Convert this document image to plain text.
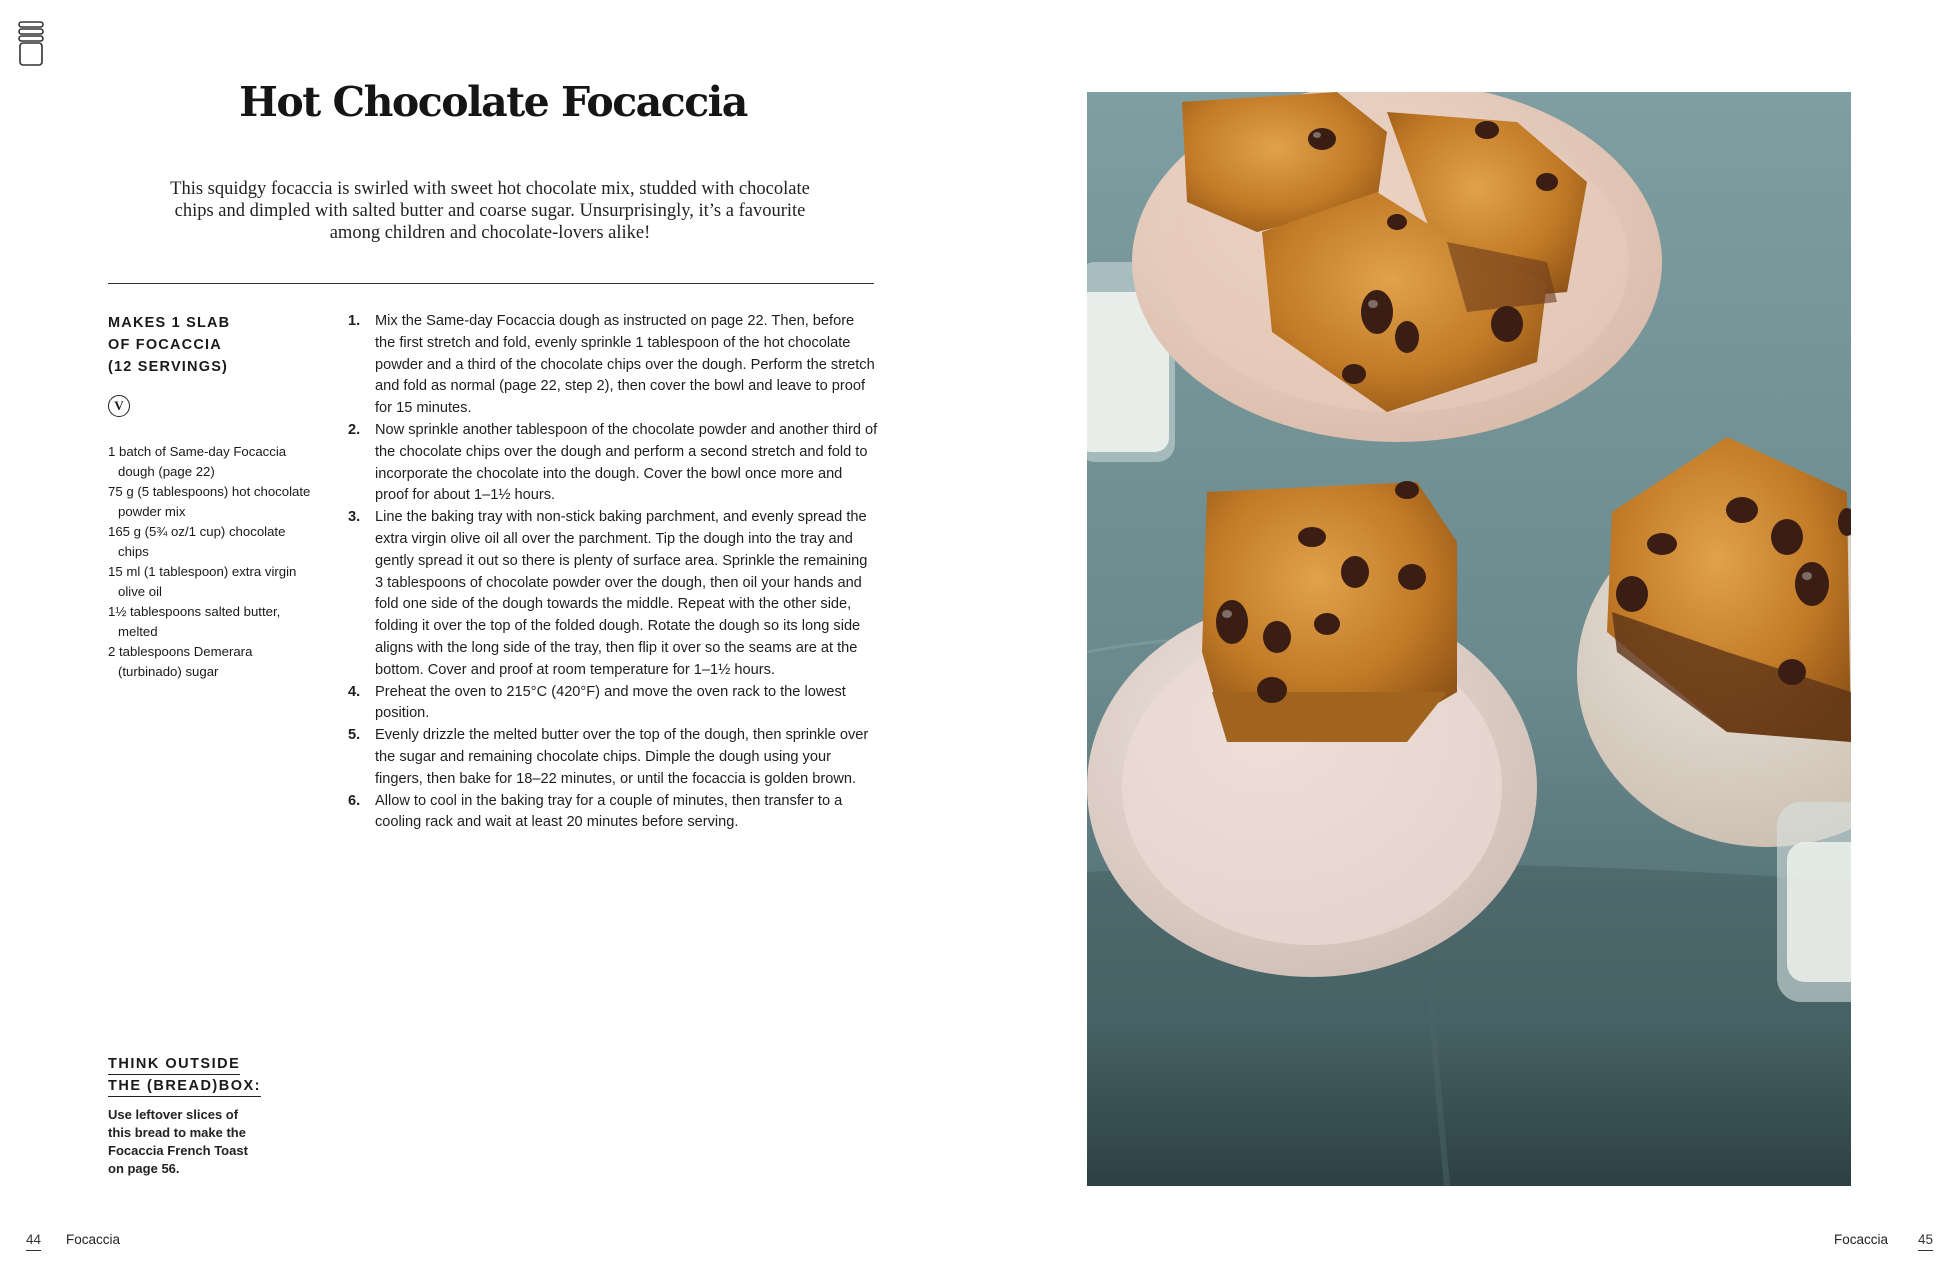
Hot Chocolate Focaccia

This squidgy focaccia is swirled with sweet hot chocolate mix, studded with chocolate
chips and dimpled with salted butter and coarse sugar. Unsurprisingly, it’s a favourite
among children and chocolate-lovers alike!

MAKES 1 SLAB
OF FOCACCIA
(12 SERVINGS)

V
1 batch of Same-day Focaccia dough (page 22)
75 g (5 tablespoons) hot chocolate powder mix
165 g (5¾ oz/1 cup) chocolate chips
15 ml (1 tablespoon) extra virgin olive oil
1½ tablespoons salted butter, melted
2 tablespoons Demerara (turbinado) sugar
1. Mix the Same-day Focaccia dough as instructed on page 22. Then, before the first stretch and fold, evenly sprinkle 1 tablespoon of the hot chocolate powder and a third of the chocolate chips over the dough. Perform the stretch and fold as normal (page 22, step 2), then cover the bowl and leave to proof for 15 minutes.
2. Now sprinkle another tablespoon of the chocolate powder and another third of the chocolate chips over the dough and perform a second stretch and fold to incorporate the chocolate into the dough. Cover the bowl once more and proof for about 1–1½ hours.
3. Line the baking tray with non-stick baking parchment, and evenly spread the extra virgin olive oil all over the parchment. Tip the dough into the tray and gently spread it out so there is plenty of surface area. Sprinkle the remaining 3 tablespoons of chocolate powder over the dough, then oil your hands and fold one side of the dough towards the middle. Repeat with the other side, folding it over the top of the folded dough. Rotate the dough so its long side aligns with the long side of the tray, then flip it over so the seams are at the bottom. Cover and proof at room temperature for 1–1½ hours.
4. Preheat the oven to 215°C (420°F) and move the oven rack to the lowest position.
5. Evenly drizzle the melted butter over the top of the dough, then sprinkle over the sugar and remaining chocolate chips. Dimple the dough using your fingers, then bake for 18–22 minutes, or until the focaccia is golden brown.
6. Allow to cool in the baking tray for a couple of minutes, then transfer to a cooling rack and wait at least 20 minutes before serving.

THINK OUTSIDE
THE (BREAD)BOX:

Use leftover slices of
this bread to make the
Focaccia French Toast
on page 56.

44 Focaccia	Focaccia 45
